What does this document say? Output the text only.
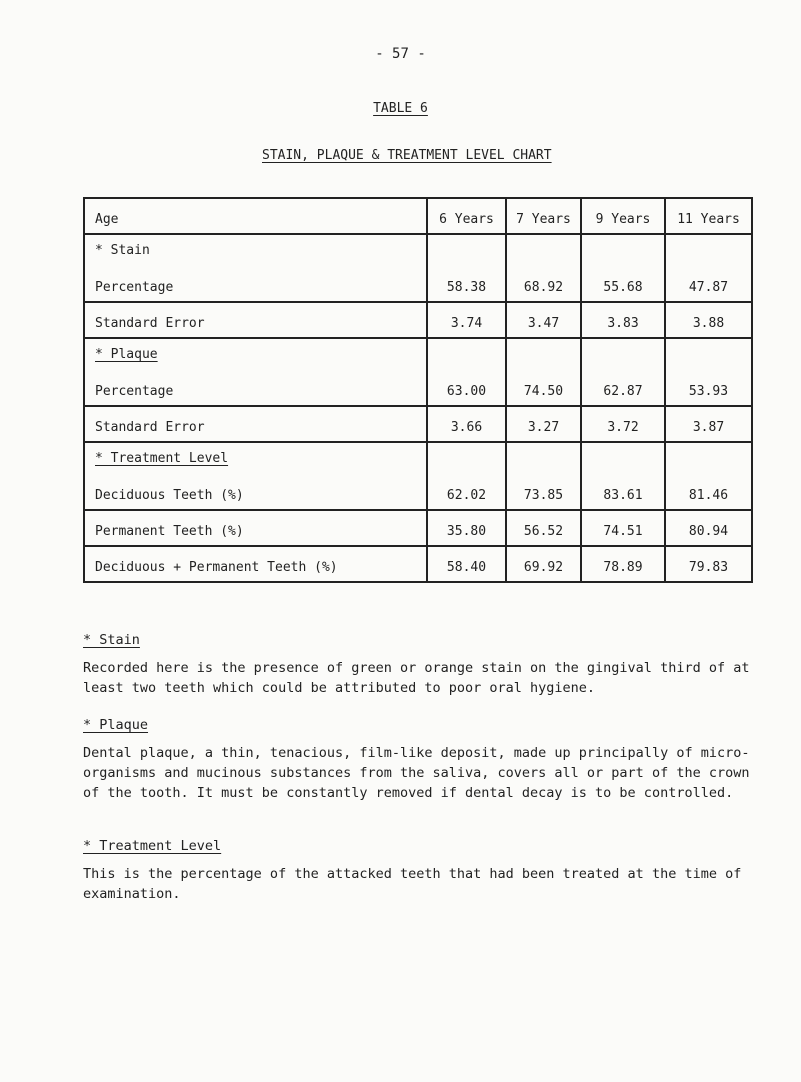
- 57 -
TABLE 6
STAIN, PLAQUE & TREATMENT LEVEL CHART
Age	6 Years	7 Years	9 Years	11 Years

* Stain
Percentage	58.38	68.92	55.68	47.87
Standard Error	3.74	3.47	3.83	3.88

* Plaque
Percentage	63.00	74.50	62.87	53.93
Standard Error	3.66	3.27	3.72	3.87

* Treatment Level
Deciduous Teeth (%)	62.02	73.85	83.61	81.46
Permanent Teeth (%)	35.80	56.52	74.51	80.94
Deciduous + Permanent Teeth (%)	58.40	69.92	78.89	79.83
* Stain
Recorded here is the presence of green or orange stain on the gingival third of at least two teeth which could be attributed to poor oral hygiene.
* Plaque
Dental plaque, a thin, tenacious, film-like deposit, made up principally of micro-organisms and mucinous substances from the saliva, covers all or part of the crown of the tooth. It must be constantly removed if dental decay is to be controlled.
* Treatment Level
This is the percentage of the attacked teeth that had been treated at the time of examination.
